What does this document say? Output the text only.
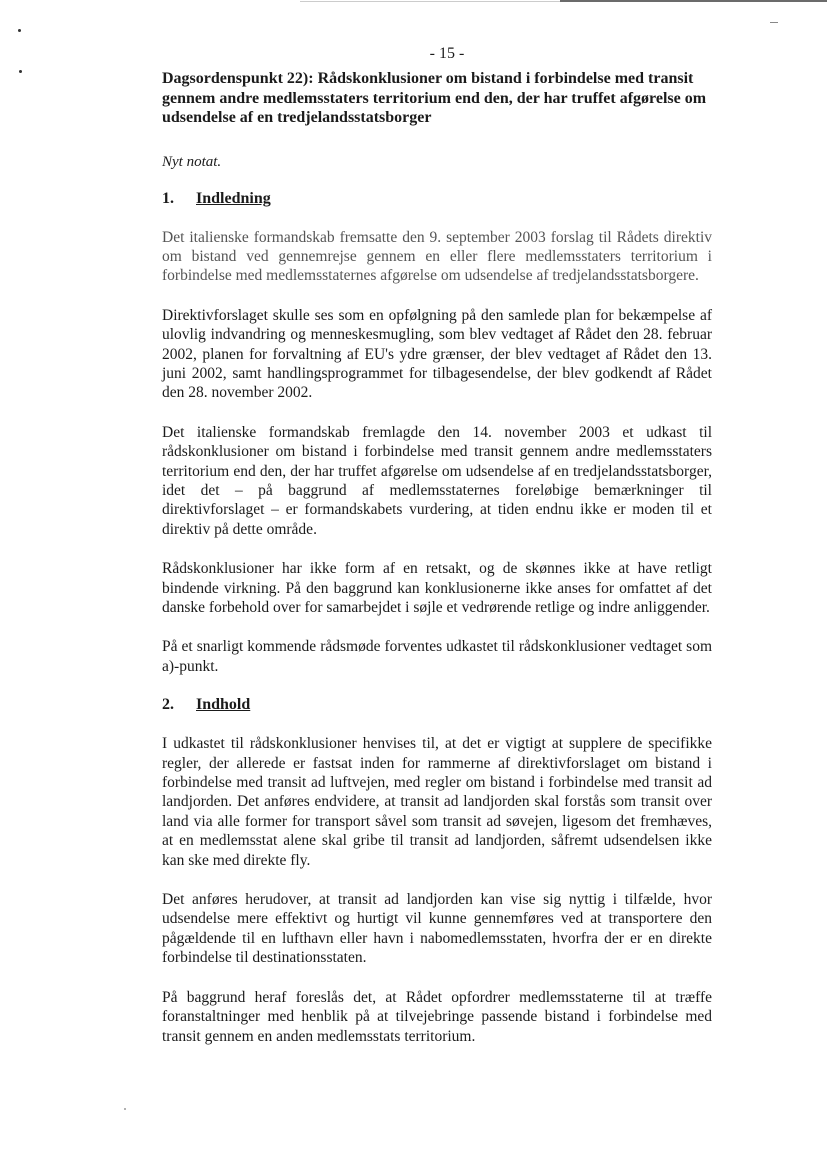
- 15 -

Dagsordenspunkt 22): Rådskonklusioner om bistand i forbindelse med transit gennem andre medlemsstaters territorium end den, der har truffet afgørelse om udsendelse af en tredjelandsstatsborger

Nyt notat.

1.	Indledning

Det italienske formandskab fremsatte den 9. september 2003 forslag til Rådets direktiv om bistand ved gennemrejse gennem en eller flere medlemsstaters territorium i forbindelse med medlemsstaternes afgørelse om udsendelse af tredjelandsstatsborgere.

Direktivforslaget skulle ses som en opfølgning på den samlede plan for bekæmpelse af ulovlig indvandring og menneskesmugling, som blev vedtaget af Rådet den 28. februar 2002, planen for forvaltning af EU's ydre grænser, der blev vedtaget af Rådet den 13. juni 2002, samt handlingsprogrammet for tilbagesendelse, der blev godkendt af Rådet den 28. november 2002.

Det italienske formandskab fremlagde den 14. november 2003 et udkast til rådskonklusioner om bistand i forbindelse med transit gennem andre medlemsstaters territorium end den, der har truffet afgørelse om udsendelse af en tredjelandsstatsborger, idet det – på baggrund af medlemsstaternes foreløbige bemærkninger til direktivforslaget – er formandskabets vurdering, at tiden endnu ikke er moden til et direktiv på dette område.

Rådskonklusioner har ikke form af en retsakt, og de skønnes ikke at have retligt bindende virkning. På den baggrund kan konklusionerne ikke anses for omfattet af det danske forbehold over for samarbejdet i søjle et vedrørende retlige og indre anliggender.

På et snarligt kommende rådsmøde forventes udkastet til rådskonklusioner vedtaget som a)-punkt.

2.	Indhold

I udkastet til rådskonklusioner henvises til, at det er vigtigt at supplere de specifikke regler, der allerede er fastsat inden for rammerne af direktivforslaget om bistand i forbindelse med transit ad luftvejen, med regler om bistand i forbindelse med transit ad landjorden. Det anføres endvidere, at transit ad landjorden skal forstås som transit over land via alle former for transport såvel som transit ad søvejen, ligesom det fremhæves, at en medlemsstat alene skal gribe til transit ad landjorden, såfremt udsendelsen ikke kan ske med direkte fly.

Det anføres herudover, at transit ad landjorden kan vise sig nyttig i tilfælde, hvor udsendelse mere effektivt og hurtigt vil kunne gennemføres ved at transportere den pågældende til en lufthavn eller havn i nabomedlemsstaten, hvorfra der er en direkte forbindelse til destinationsstaten.

På baggrund heraf foreslås det, at Rådet opfordrer medlemsstaterne til at træffe foranstaltninger med henblik på at tilvejebringe passende bistand i forbindelse med transit gennem en anden medlemsstats territorium.
